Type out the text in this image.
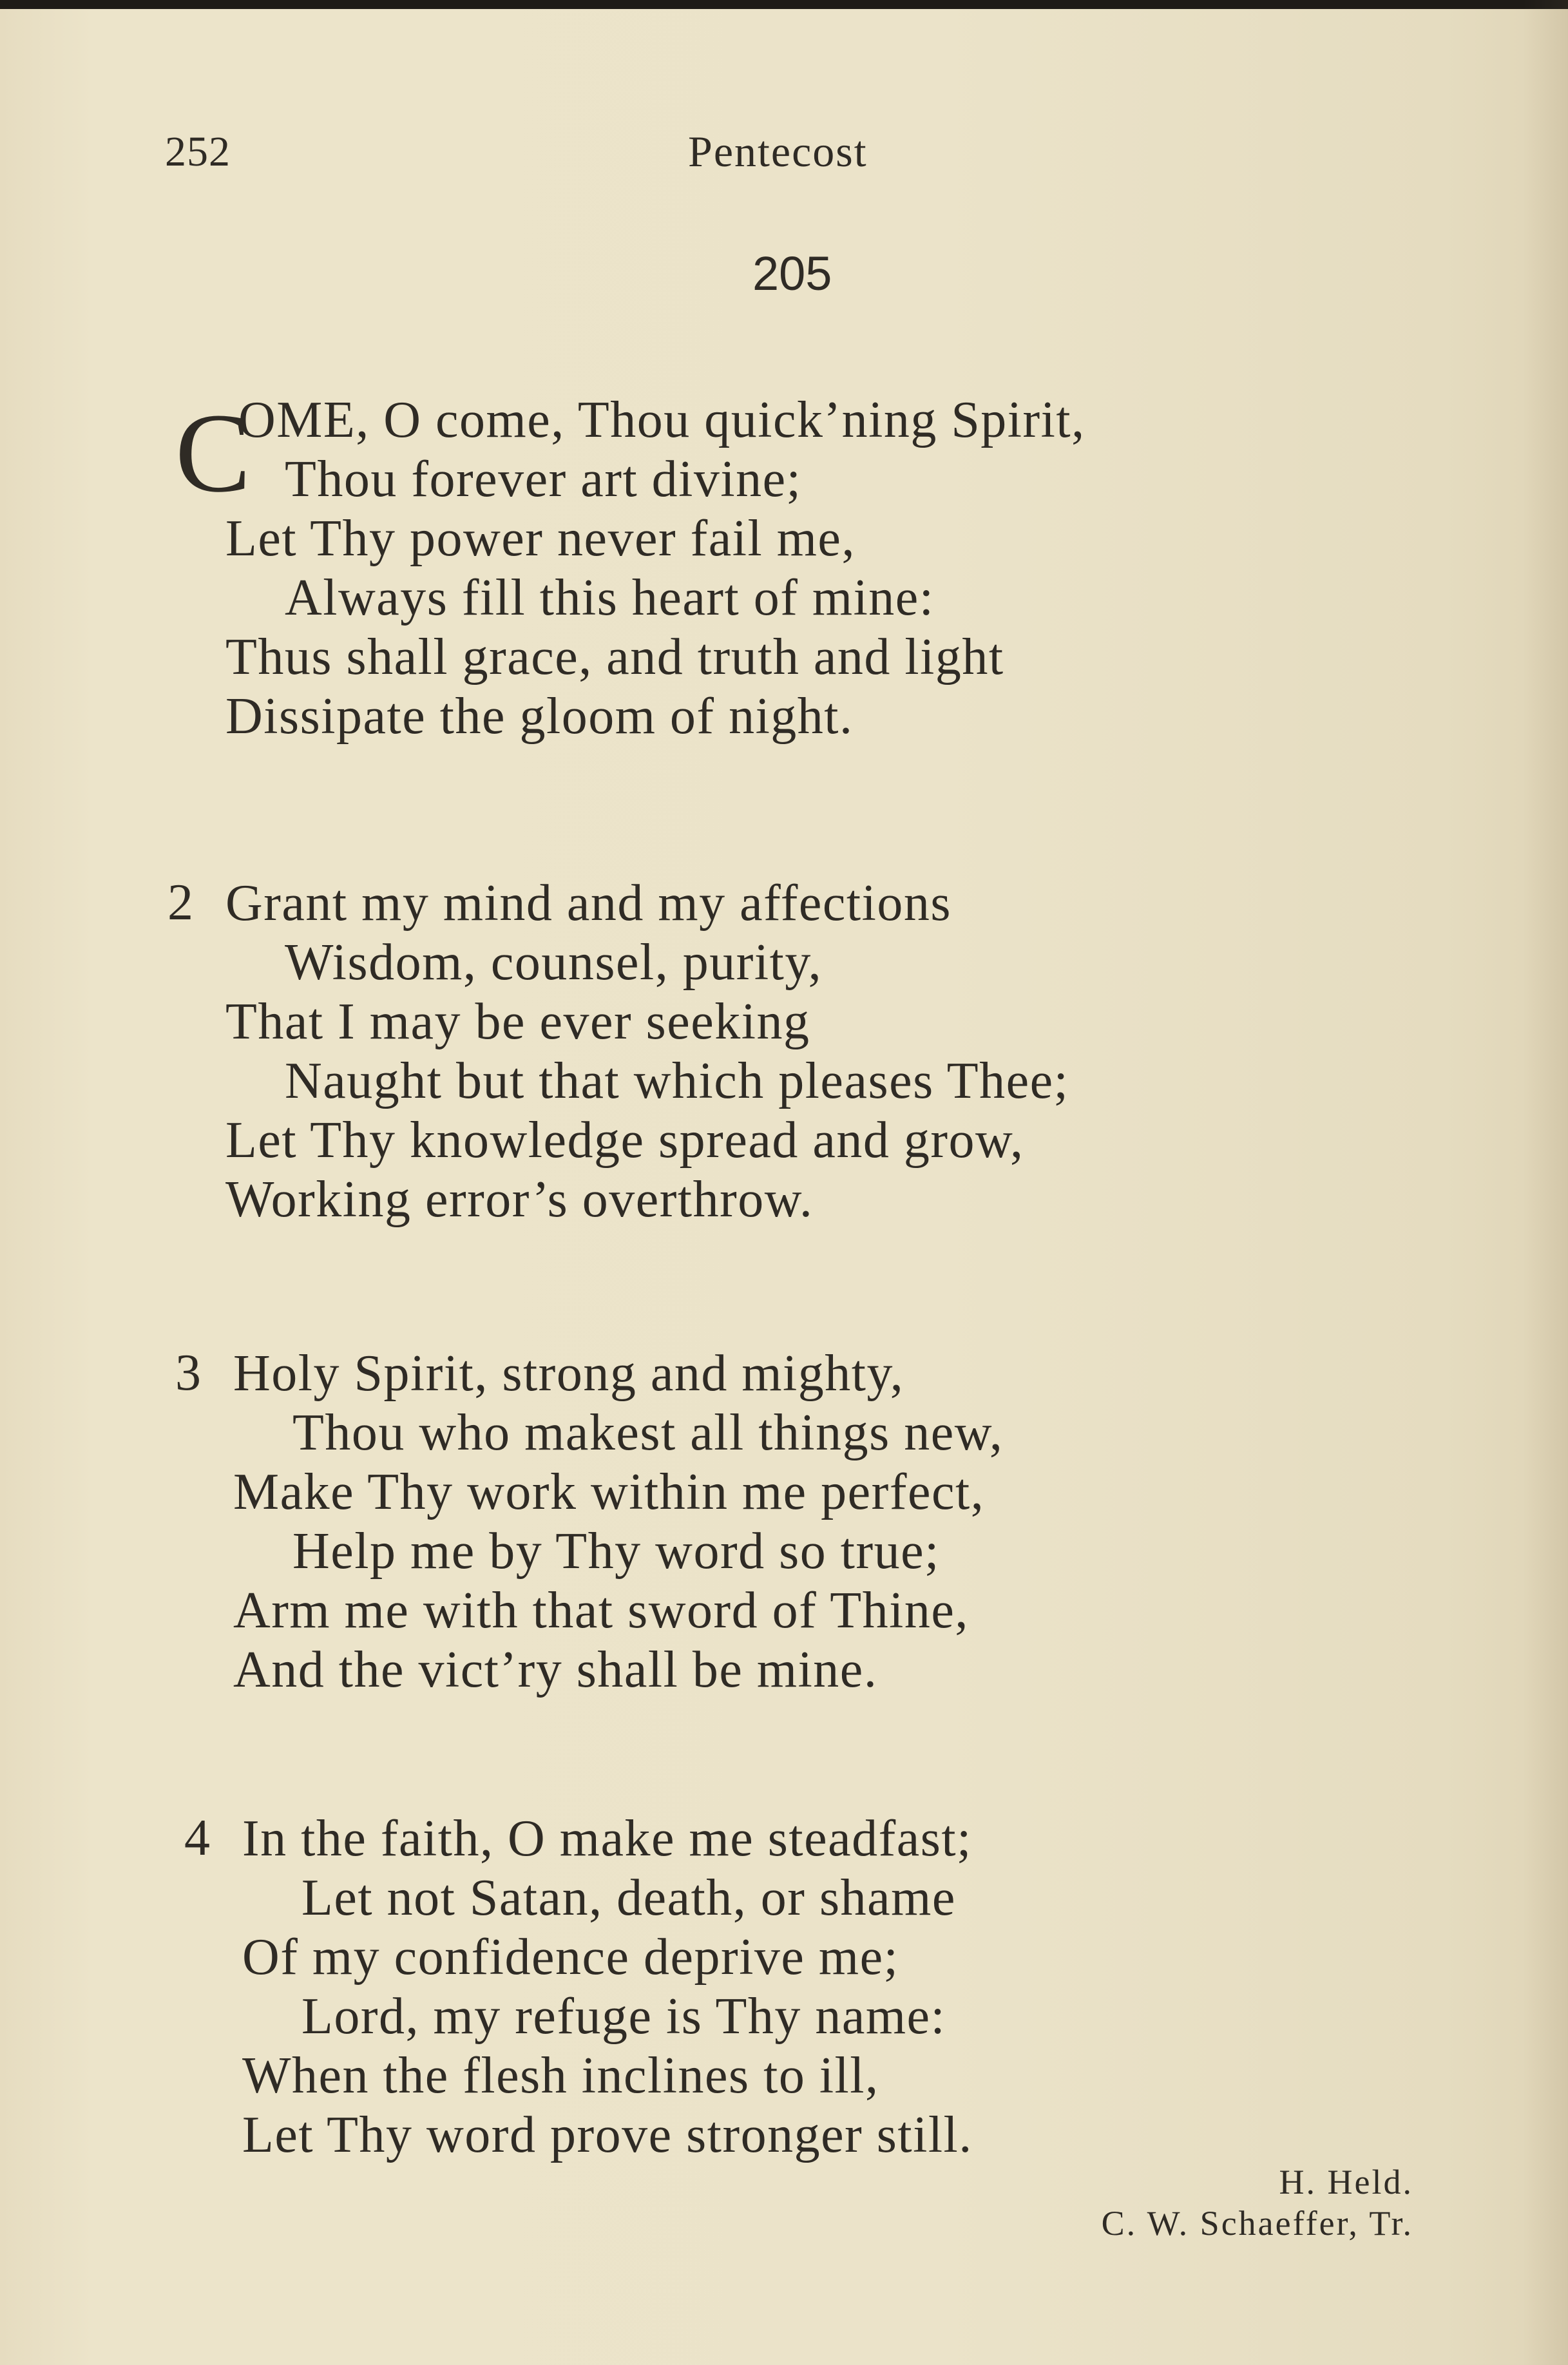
252	Pentecost
205
C
OME, O come, Thou quick’ning Spirit,
Thou forever art divine;
Let Thy power never fail me,
Always fill this heart of mine:
Thus shall grace, and truth and light
Dissipate the gloom of night.
2 Grant my mind and my affections
Wisdom, counsel, purity,
That I may be ever seeking
Naught but that which pleases Thee;
Let Thy knowledge spread and grow,
Working error’s overthrow.
3 Holy Spirit, strong and mighty,
Thou who makest all things new,
Make Thy work within me perfect,
Help me by Thy word so true;
Arm me with that sword of Thine,
And the vict’ry shall be mine.
4 In the faith, O make me steadfast;
Let not Satan, death, or shame
Of my confidence deprive me;
Lord, my refuge is Thy name:
When the flesh inclines to ill,
Let Thy word prove stronger still.
H. Held.
C. W. Schaeffer, Tr.
